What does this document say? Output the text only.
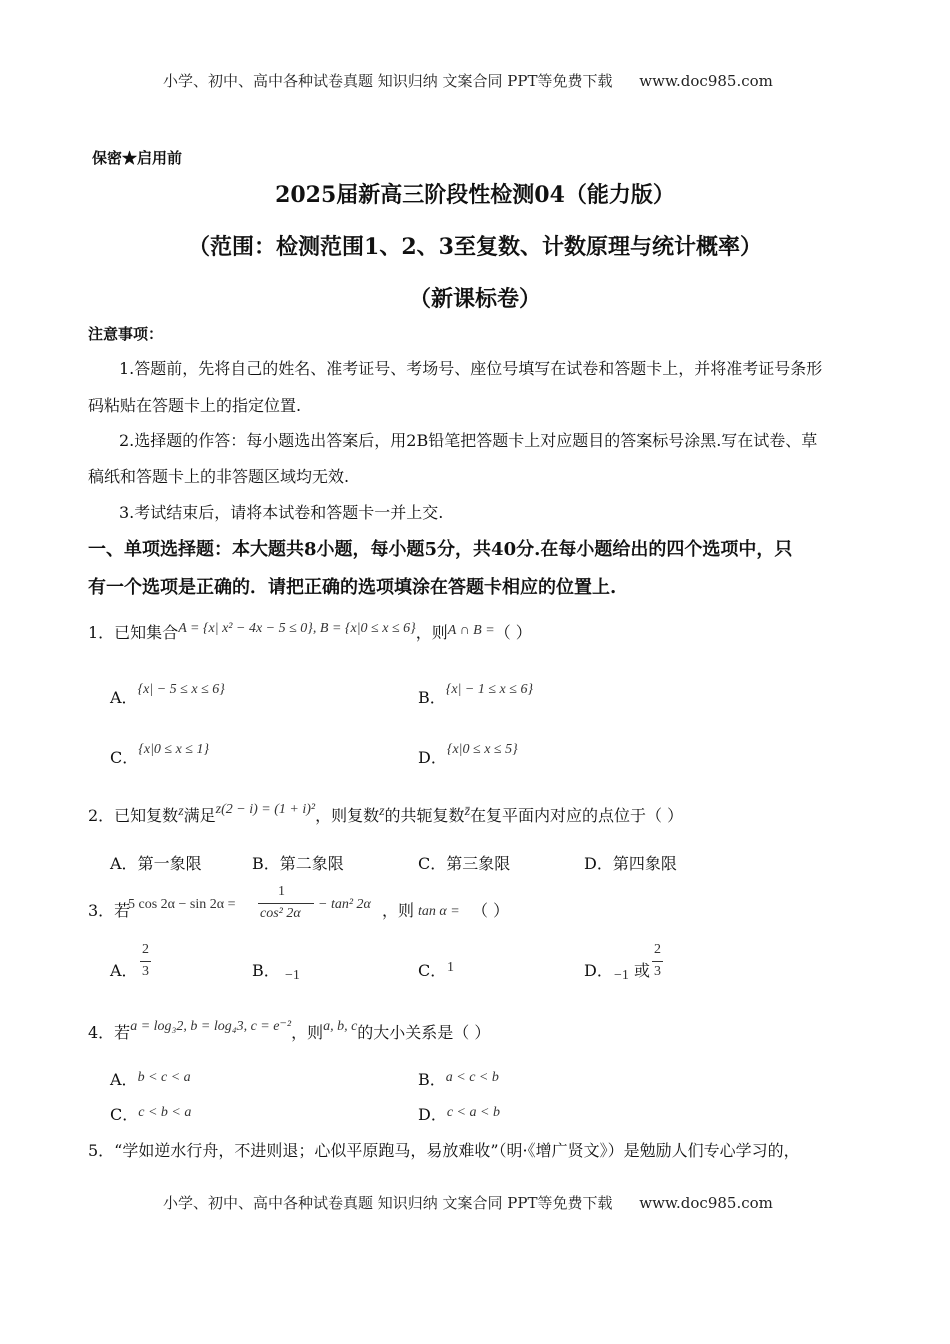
小学、初中、高中各种试卷真题 知识归纳 文案合同 PPT等免费下载 www.doc985.com
保密★启用前
2025届新高三阶段性检测04（能力版）
（范围：检测范围1、2、3至复数、计数原理与统计概率）
（新课标卷）
注意事项：
1.答题前，先将自己的姓名、准考证号、考场号、座位号填写在试卷和答题卡上，并将准考证号条形
码粘贴在答题卡上的指定位置.
2.选择题的作答：每小题选出答案后，用2B铅笔把答题卡上对应题目的答案标号涂黑.写在试卷、草
稿纸和答题卡上的非答题区域均无效.
3.考试结束后，请将本试卷和答题卡一并上交.
一、单项选择题：本大题共8小题，每小题5分，共40分.在每小题给出的四个选项中，只
有一个选项是正确的．请把正确的选项填涂在答题卡相应的位置上.
1．已知集合A = {x| x² − 4x − 5 ≤ 0}, B = {x|0 ≤ x ≤ 6}，则A ∩ B =（ ）
A．{x| − 5 ≤ x ≤ 6}	B．{x| − 1 ≤ x ≤ 6}
C．{x|0 ≤ x ≤ 1}	D．{x|0 ≤ x ≤ 5}
2．已知复数z满足z(2 − i) = (1 + i)²，则复数z的共轭复数z̄在复平面内对应的点位于（ ）
A．第一象限	B．第二象限	C．第三象限	D．第四象限
3．若
5 cos 2α − sin 2α =
1
cos² 2α
− tan² 2α ，则 tan α = （ ）
A．
2
3	B． −1	C． 1	D． −1 或
2
3
4．若a = log₃2, b = log₄3, c = e⁻²，则a, b, c的大小关系是（ ）
A．b < c < a	B．a < c < b
C．c < b < a	D．c < a < b
5．“学如逆水行舟，不进则退；心似平原跑马，易放难收”（明·《增广贤文》）是勉励人们专心学习的，
小学、初中、高中各种试卷真题 知识归纳 文案合同 PPT等免费下载 www.doc985.com
